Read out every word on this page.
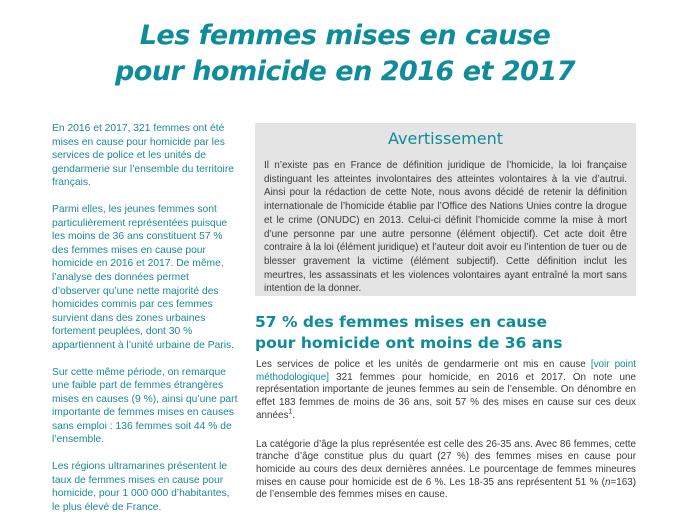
Les femmes mises en cause
pour homicide en 2016 et 2017

En 2016 et 2017, 321 femmes ont été mises en cause pour homicide par les services de police et les unités de gendarmerie sur l’ensemble du territoire français.

Parmi elles, les jeunes femmes sont particulièrement représentées puisque les moins de 36 ans constituent 57 % des femmes mises en cause pour homicide en 2016 et 2017. De même, l’analyse des données permet d’observer qu’une nette majorité des homicides commis par ces femmes survient dans des zones urbaines fortement peuplées, dont 30 % appartiennent à l’unité urbaine de Paris.

Sur cette même période, on remarque une faible part de femmes étrangères mises en causes (9 %), ainsi qu’une part importante de femmes mises en causes sans emploi : 136 femmes soit 44 % de l’ensemble.

Les régions ultramarines présentent le taux de femmes mises en cause pour homicide, pour 1 000 000 d’habitantes, le plus élevé de France.

Avertissement
Il n’existe pas en France de définition juridique de l’homicide, la loi française distinguant les atteintes involontaires des atteintes volontaires à la vie d’autrui. Ainsi pour la rédaction de cette Note, nous avons décidé de retenir la définition internationale de l’homicide établie par l’Office des Nations Unies contre la drogue et le crime (ONUDC) en 2013. Celui-ci définit l’homicide comme la mise à mort d’une personne par une autre personne (élément objectif). Cet acte doit être contraire à la loi (élément juridique) et l’auteur doit avoir eu l’intention de tuer ou de blesser gravement la victime (élément subjectif). Cette définition inclut les meurtres, les assassinats et les violences volontaires ayant entraîné la mort sans intention de la donner.
57 % des femmes mises en cause
pour homicide ont moins de 36 ans

Les services de police et les unités de gendarmerie ont mis en cause [voir point méthodologique] 321 femmes pour homicide, en 2016 et 2017. On note une représentation importante de jeunes femmes au sein de l’ensemble. On dénombre en effet 183 femmes de moins de 36 ans, soit 57 % des mises en cause sur ces deux années$^1$.

La catégorie d’âge la plus représentée est celle des 26-35 ans. Avec 86 femmes, cette tranche d’âge constitue plus du quart (27 %) des femmes mises en cause pour homicide au cours des deux dernières années. Le pourcentage de femmes mineures mises en cause pour homicide est de 6 %. Les 18-35 ans représentent 51 % (n=163) de l’ensemble des femmes mises en cause.
